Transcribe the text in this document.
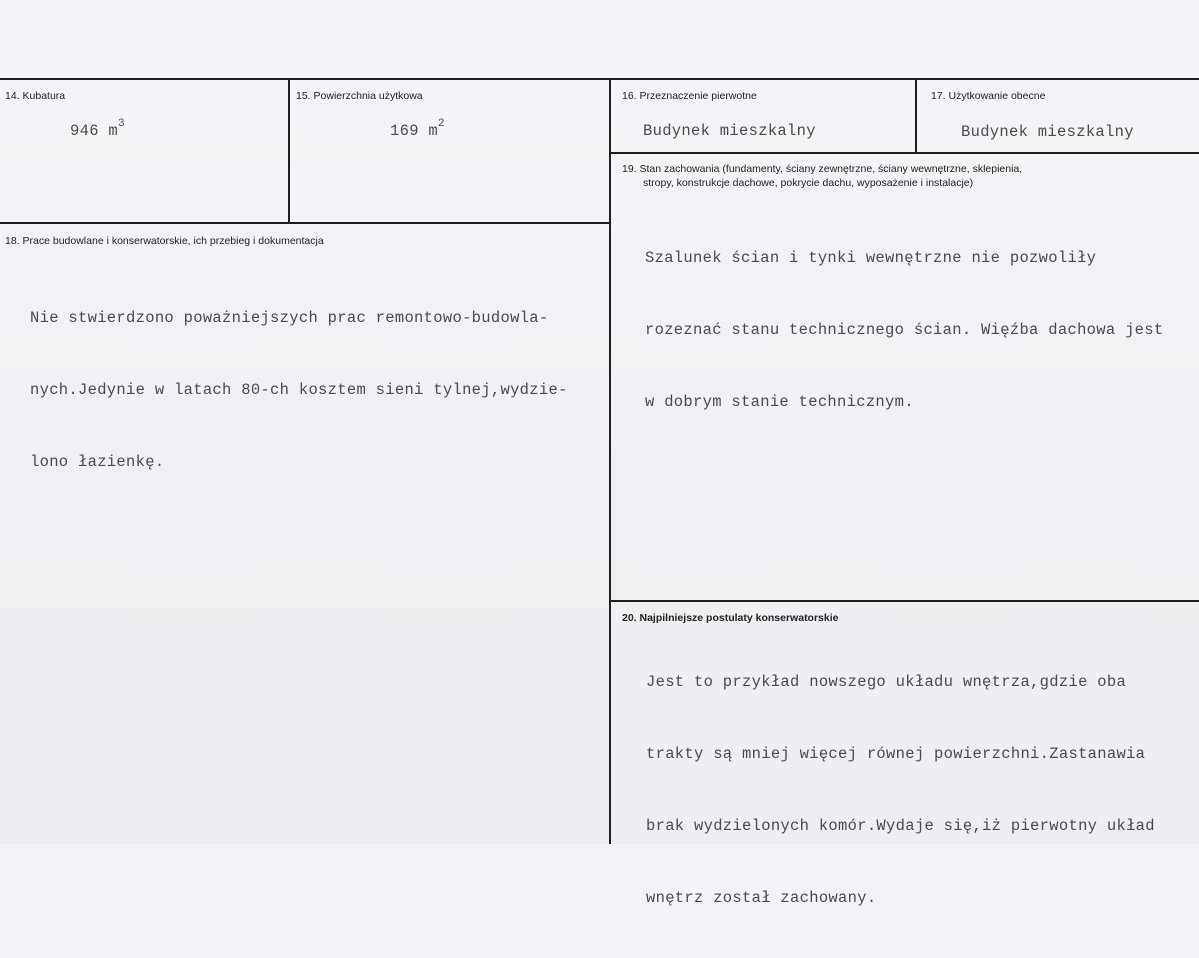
14. Kubatura
946 $m^3$
15. Powierzchnia użytkowa
169 $m^2$
16. Przeznaczenie pierwotne
Budynek mieszkalny
17. Użytkowanie obecne
Budynek mieszkalny
18. Prace budowlane i konserwatorskie, ich przebieg i dokumentacja

Nie stwierdzono poważniejszych prac remontowo-budowla-

nych.Jedynie w latach 80-ch kosztem sieni tylnej,wydzie-

lono łazienkę.

19. Stan zachowania (fundamenty, ściany zewnętrzne, ściany wewnętrzne, sklepienia,
stropy, konstrukcje dachowe, pokrycie dachu, wyposażenie i instalacje)

Szalunek ścian i tynki wewnętrzne nie pozwoliły

rozeznać stanu technicznego ścian. Więźba dachowa jest

w dobrym stanie technicznym.

20. Najpilniejsze postulaty konserwatorskie

Jest to przykład nowszego układu wnętrza,gdzie oba

trakty są mniej więcej równej powierzchni.Zastanawia

brak wydzielonych komór.Wydaje się,iż pierwotny układ

wnętrz został zachowany.
